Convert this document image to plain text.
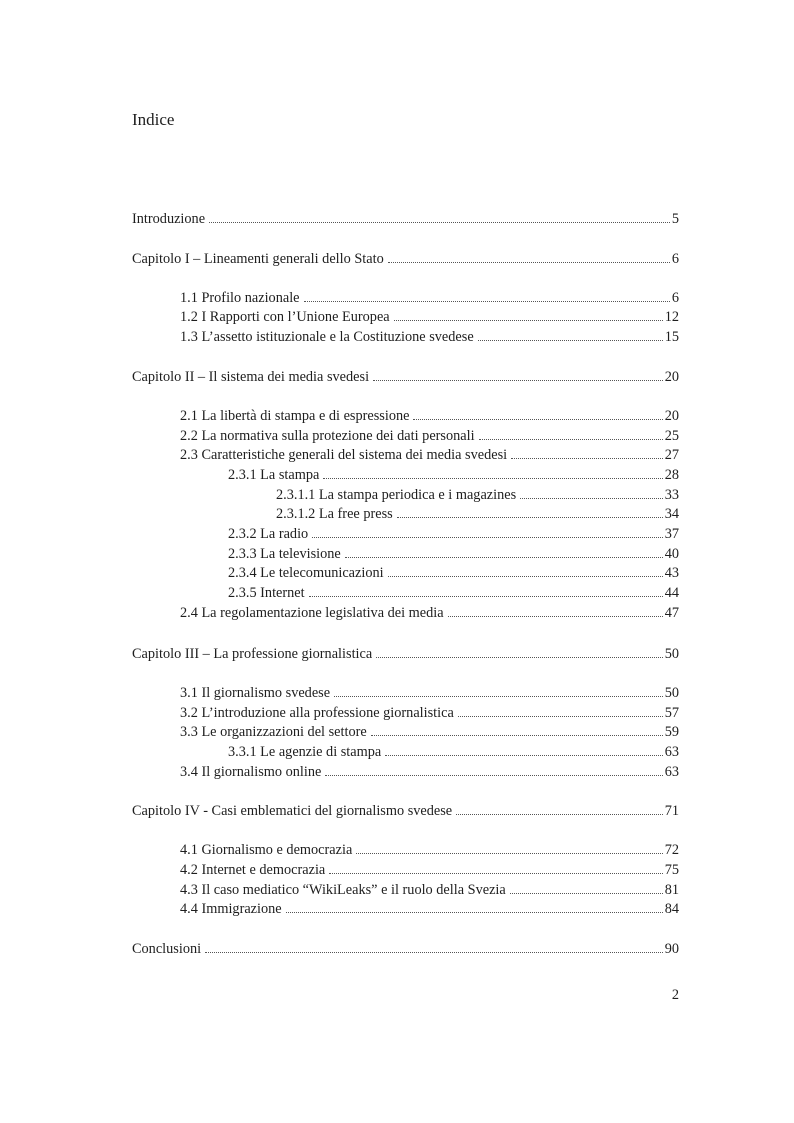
Indice
Introduzione	5
Capitolo I – Lineamenti generali dello Stato	6
1.1 Profilo nazionale	6
1.2 I Rapporti con l’Unione Europea	12
1.3 L’assetto istituzionale e la Costituzione svedese	15
Capitolo II – Il sistema dei media svedesi	20
2.1 La libertà di stampa e di espressione	20
2.2 La normativa sulla protezione dei dati personali	25
2.3 Caratteristiche generali del sistema dei media svedesi	27
2.3.1 La stampa	28
2.3.1.1 La stampa periodica e i magazines	33
2.3.1.2 La free press	34
2.3.2 La radio	37
2.3.3 La televisione	40
2.3.4 Le telecomunicazioni	43
2.3.5 Internet	44
2.4 La regolamentazione legislativa dei media	47
Capitolo III – La professione giornalistica	50
3.1 Il giornalismo svedese	50
3.2 L’introduzione alla professione giornalistica	57
3.3 Le organizzazioni del settore	59
3.3.1 Le agenzie di stampa	63
3.4 Il giornalismo online	63
Capitolo IV - Casi emblematici del giornalismo svedese	71
4.1 Giornalismo e democrazia	72
4.2 Internet e democrazia	75
4.3 Il caso mediatico “WikiLeaks” e il ruolo della Svezia	81
4.4 Immigrazione	84
Conclusioni	90
2
